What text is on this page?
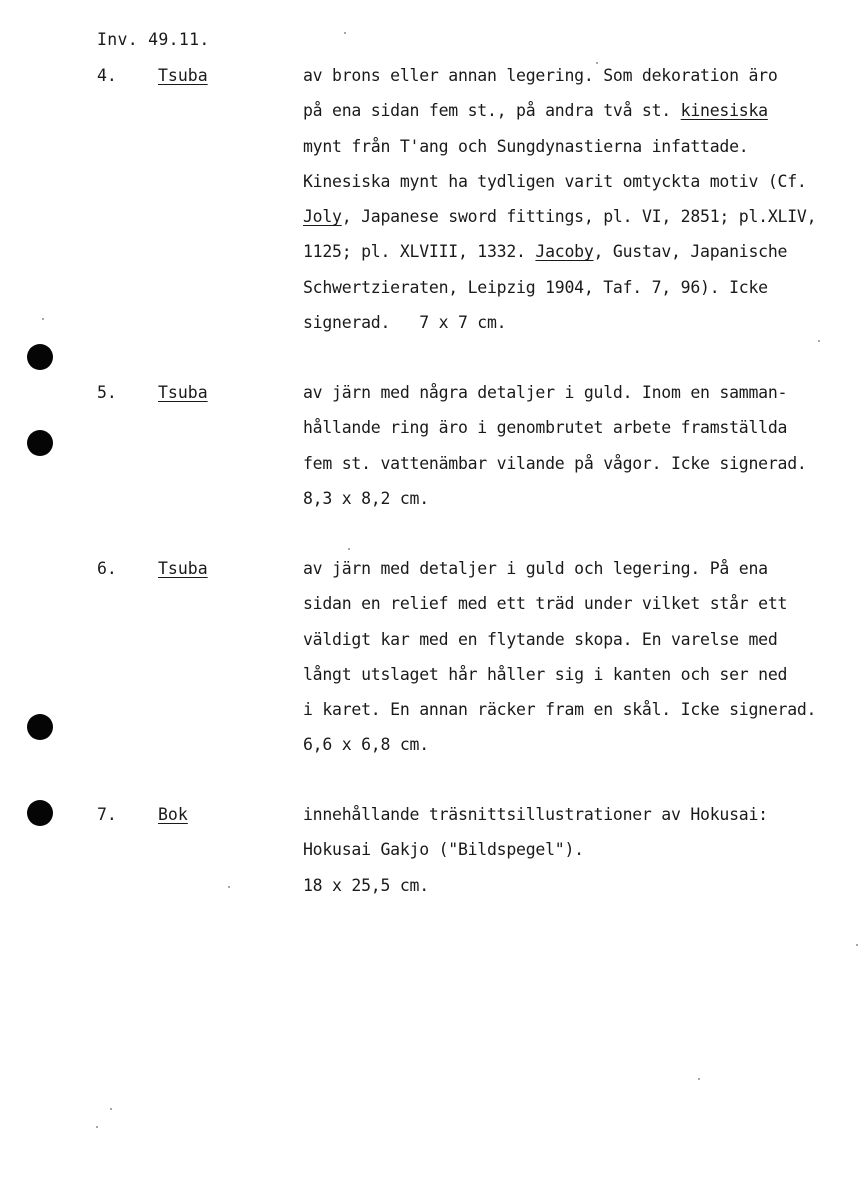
Inv. 49.11.
4. Tsuba	av brons eller annan legering. Som dekoration äro
på ena sidan fem st., på andra två st. kinesiska
mynt från T'ang och Sungdynastierna infattade.
Kinesiska mynt ha tydligen varit omtyckta motiv (Cf.
Joly, Japanese sword fittings, pl. VI, 2851; pl.XLIV,
1125; pl. XLVIII, 1332. Jacoby, Gustav, Japanische
Schwertzieraten, Leipzig 1904, Taf. 7, 96). Icke
signerad.   7 x 7 cm.
5. Tsuba	av järn med några detaljer i guld. Inom en samman-
hållande ring äro i genombrutet arbete framställda
fem st. vattenämbar vilande på vågor. Icke signerad.
8,3 x 8,2 cm.
6. Tsuba	av järn med detaljer i guld och legering. På ena
sidan en relief med ett träd under vilket står ett
väldigt kar med en flytande skopa. En varelse med
långt utslaget hår håller sig i kanten och ser ned
i karet. En annan räcker fram en skål. Icke signerad.
6,6 x 6,8 cm.
7. Bok	innehållande träsnittsillustrationer av Hokusai:
Hokusai Gakjo ("Bildspegel").
18 x 25,5 cm.
